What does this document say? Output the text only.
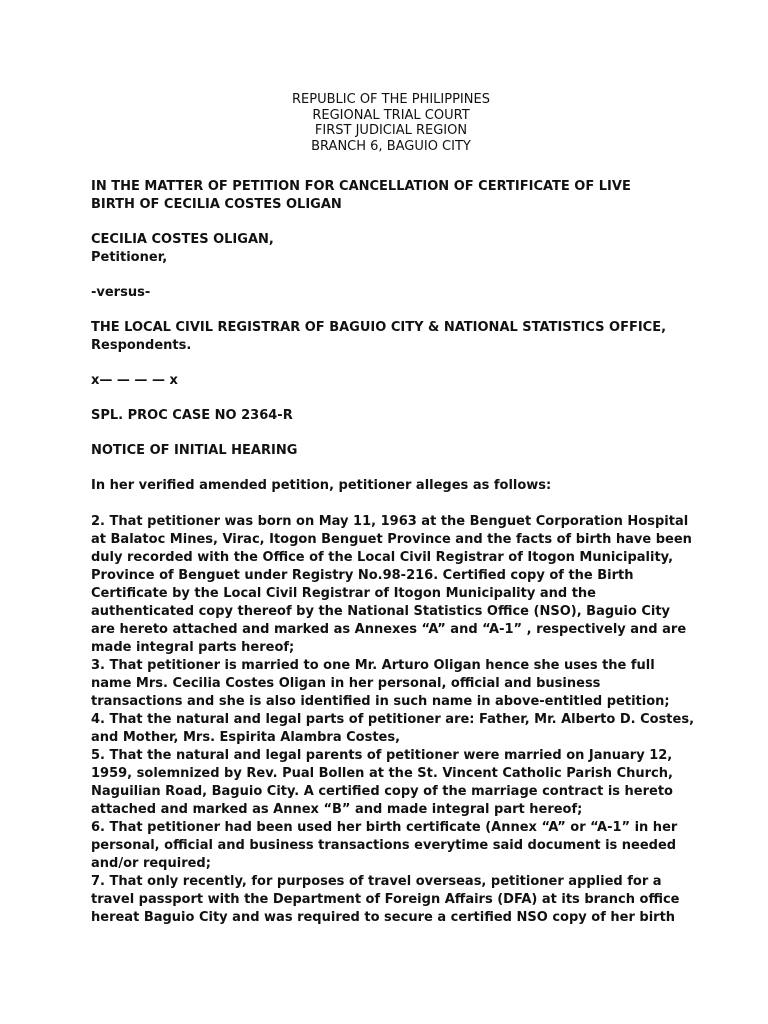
REPUBLIC OF THE PHILIPPINES
REGIONAL TRIAL COURT
FIRST JUDICIAL REGION
BRANCH 6, BAGUIO CITY
IN THE MATTER OF PETITION FOR CANCELLATION OF CERTIFICATE OF LIVE
BIRTH OF CECILIA COSTES OLIGAN
CECILIA COSTES OLIGAN,
Petitioner,
-versus-
THE LOCAL CIVIL REGISTRAR OF BAGUIO CITY & NATIONAL STATISTICS OFFICE,
Respondents.
x— — — — x
SPL. PROC CASE NO 2364-R
NOTICE OF INITIAL HEARING
In her verified amended petition, petitioner alleges as follows:
2. That petitioner was born on May 11, 1963 at the Benguet Corporation Hospital
at Balatoc Mines, Virac, Itogon Benguet Province and the facts of birth have been
duly recorded with the Office of the Local Civil Registrar of Itogon Municipality,
Province of Benguet under Registry No.98-216. Certified copy of the Birth
Certificate by the Local Civil Registrar of Itogon Municipality and the
authenticated copy thereof by the National Statistics Office (NSO), Baguio City
are hereto attached and marked as Annexes “A” and “A-1” , respectively and are
made integral parts hereof;
3. That petitioner is married to one Mr. Arturo Oligan hence she uses the full
name Mrs. Cecilia Costes Oligan in her personal, official and business
transactions and she is also identified in such name in above-entitled petition;
4. That the natural and legal parts of petitioner are: Father, Mr. Alberto D. Costes,
and Mother, Mrs. Espirita Alambra Costes,
5. That the natural and legal parents of petitioner were married on January 12,
1959, solemnized by Rev. Pual Bollen at the St. Vincent Catholic Parish Church,
Naguilian Road, Baguio City. A certified copy of the marriage contract is hereto
attached and marked as Annex “B” and made integral part hereof;
6. That petitioner had been used her birth certificate (Annex “A” or “A-1” in her
personal, official and business transactions everytime said document is needed
and/or required;
7. That only recently, for purposes of travel overseas, petitioner applied for a
travel passport with the Department of Foreign Affairs (DFA) at its branch office
hereat Baguio City and was required to secure a certified NSO copy of her birth
